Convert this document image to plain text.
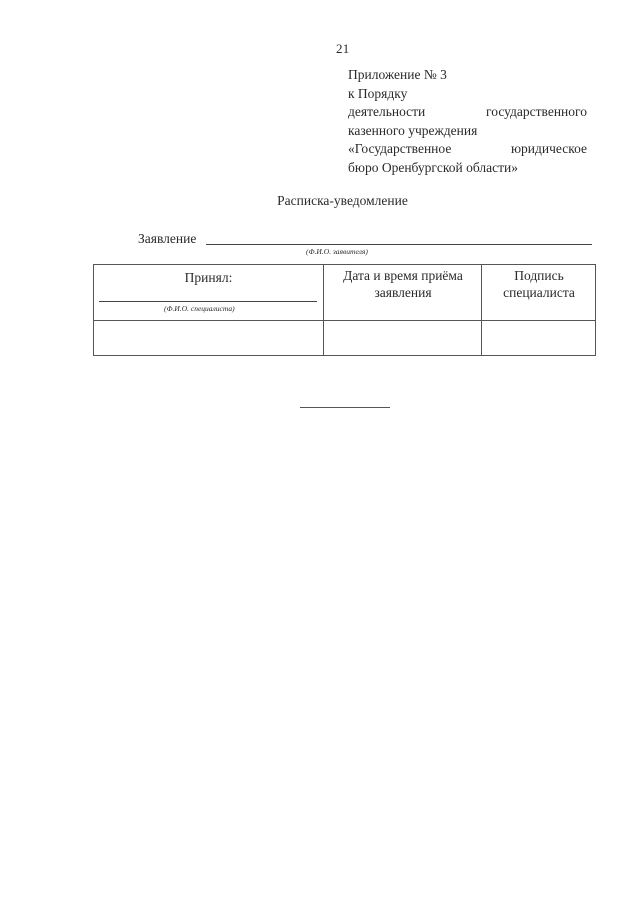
21
Приложение № 3
к Порядку
деятельности	государственного
казенного учреждения
«Государственное	юридическое
бюро Оренбургской области»
Расписка-уведомление
Заявление
(Ф.И.О. заявителя)
Принял:
(Ф.И.О. специалиста)
Дата и время приёма
заявления
Подпись
специалиста
